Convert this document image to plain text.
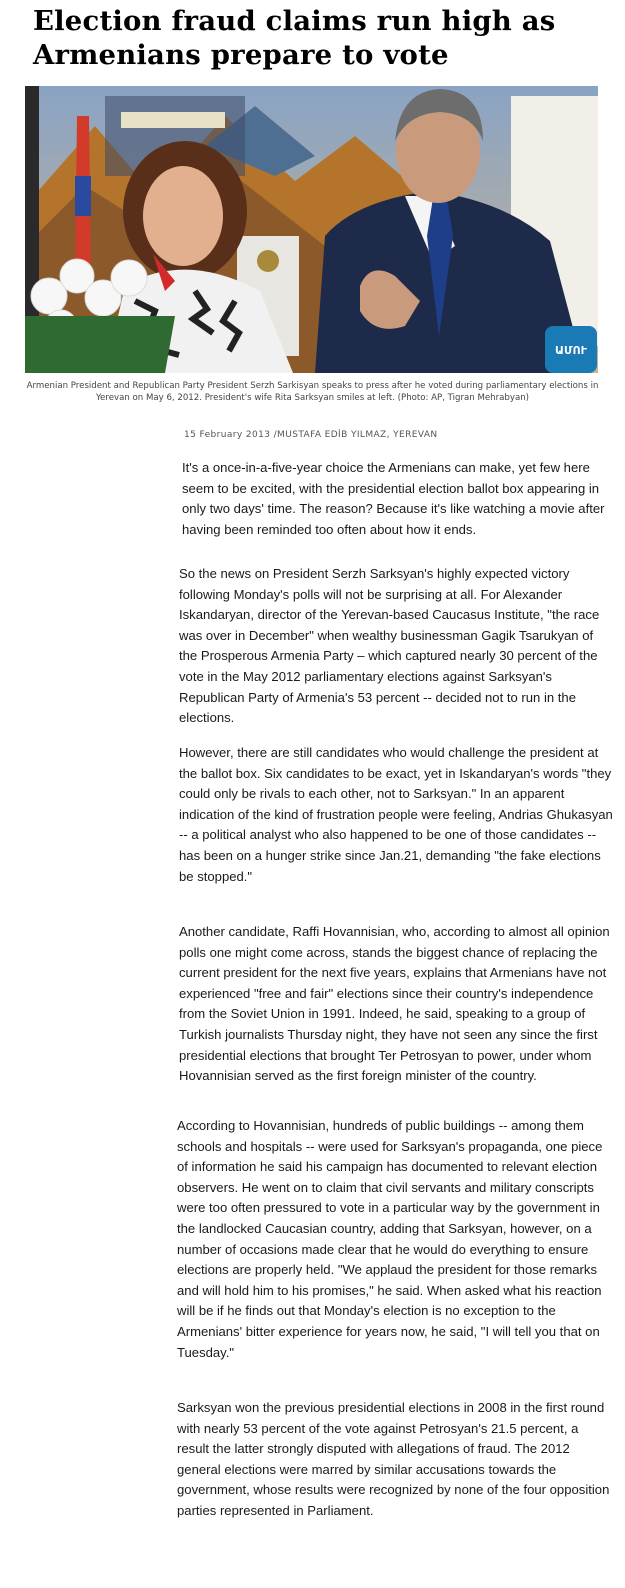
Election fraud claims run high as Armenians prepare to vote
ԱՄՈՒ
Armenian President and Republican Party President Serzh Sarkisyan speaks to press after he voted during parliamentary elections in Yerevan on May 6, 2012. President's wife Rita Sarksyan smiles at left. (Photo: AP, Tigran Mehrabyan)
15 February 2013 /MUSTAFA EDİB YILMAZ, YEREVAN

It's a once-in-a-five-year choice the Armenians can make, yet few here seem to be excited, with the presidential election ballot box appearing in only two days' time. The reason? Because it's like watching a movie after having been reminded too often about how it ends.

So the news on President Serzh Sarksyan's highly expected victory following Monday's polls will not be surprising at all. For Alexander Iskandaryan, director of the Yerevan-based Caucasus Institute, "the race was over in December" when wealthy businessman Gagik Tsarukyan of the Prosperous Armenia Party – which captured nearly 30 percent of the vote in the May 2012 parliamentary elections against Sarksyan's Republican Party of Armenia's 53 percent -- decided not to run in the elections.

However, there are still candidates who would challenge the president at the ballot box. Six candidates to be exact, yet in Iskandaryan's words "they could only be rivals to each other, not to Sarksyan." In an apparent indication of the kind of frustration people were feeling, Andrias Ghukasyan -- a political analyst who also happened to be one of those candidates -- has been on a hunger strike since Jan.21, demanding "the fake elections be stopped."

Another candidate, Raffi Hovannisian, who, according to almost all opinion polls one might come across, stands the biggest chance of replacing the current president for the next five years, explains that Armenians have not experienced "free and fair" elections since their country's independence from the Soviet Union in 1991. Indeed, he said, speaking to a group of Turkish journalists Thursday night, they have not seen any since the first presidential elections that brought Ter Petrosyan to power, under whom Hovannisian served as the first foreign minister of the country.

According to Hovannisian, hundreds of public buildings -- among them schools and hospitals -- were used for Sarksyan's propaganda, one piece of information he said his campaign has documented to relevant election observers. He went on to claim that civil servants and military conscripts were too often pressured to vote in a particular way by the government in the landlocked Caucasian country, adding that Sarksyan, however, on a number of occasions made clear that he would do everything to ensure elections are properly held. "We applaud the president for those remarks and will hold him to his promises," he said. When asked what his reaction will be if he finds out that Monday's election is no exception to the Armenians' bitter experience for years now, he said, "I will tell you that on Tuesday."

Sarksyan won the previous presidential elections in 2008 in the first round with nearly 53 percent of the vote against Petrosyan's 21.5 percent, a result the latter strongly disputed with allegations of fraud. The 2012 general elections were marred by similar accusations towards the government, whose results were recognized by none of the four opposition parties represented in Parliament.
